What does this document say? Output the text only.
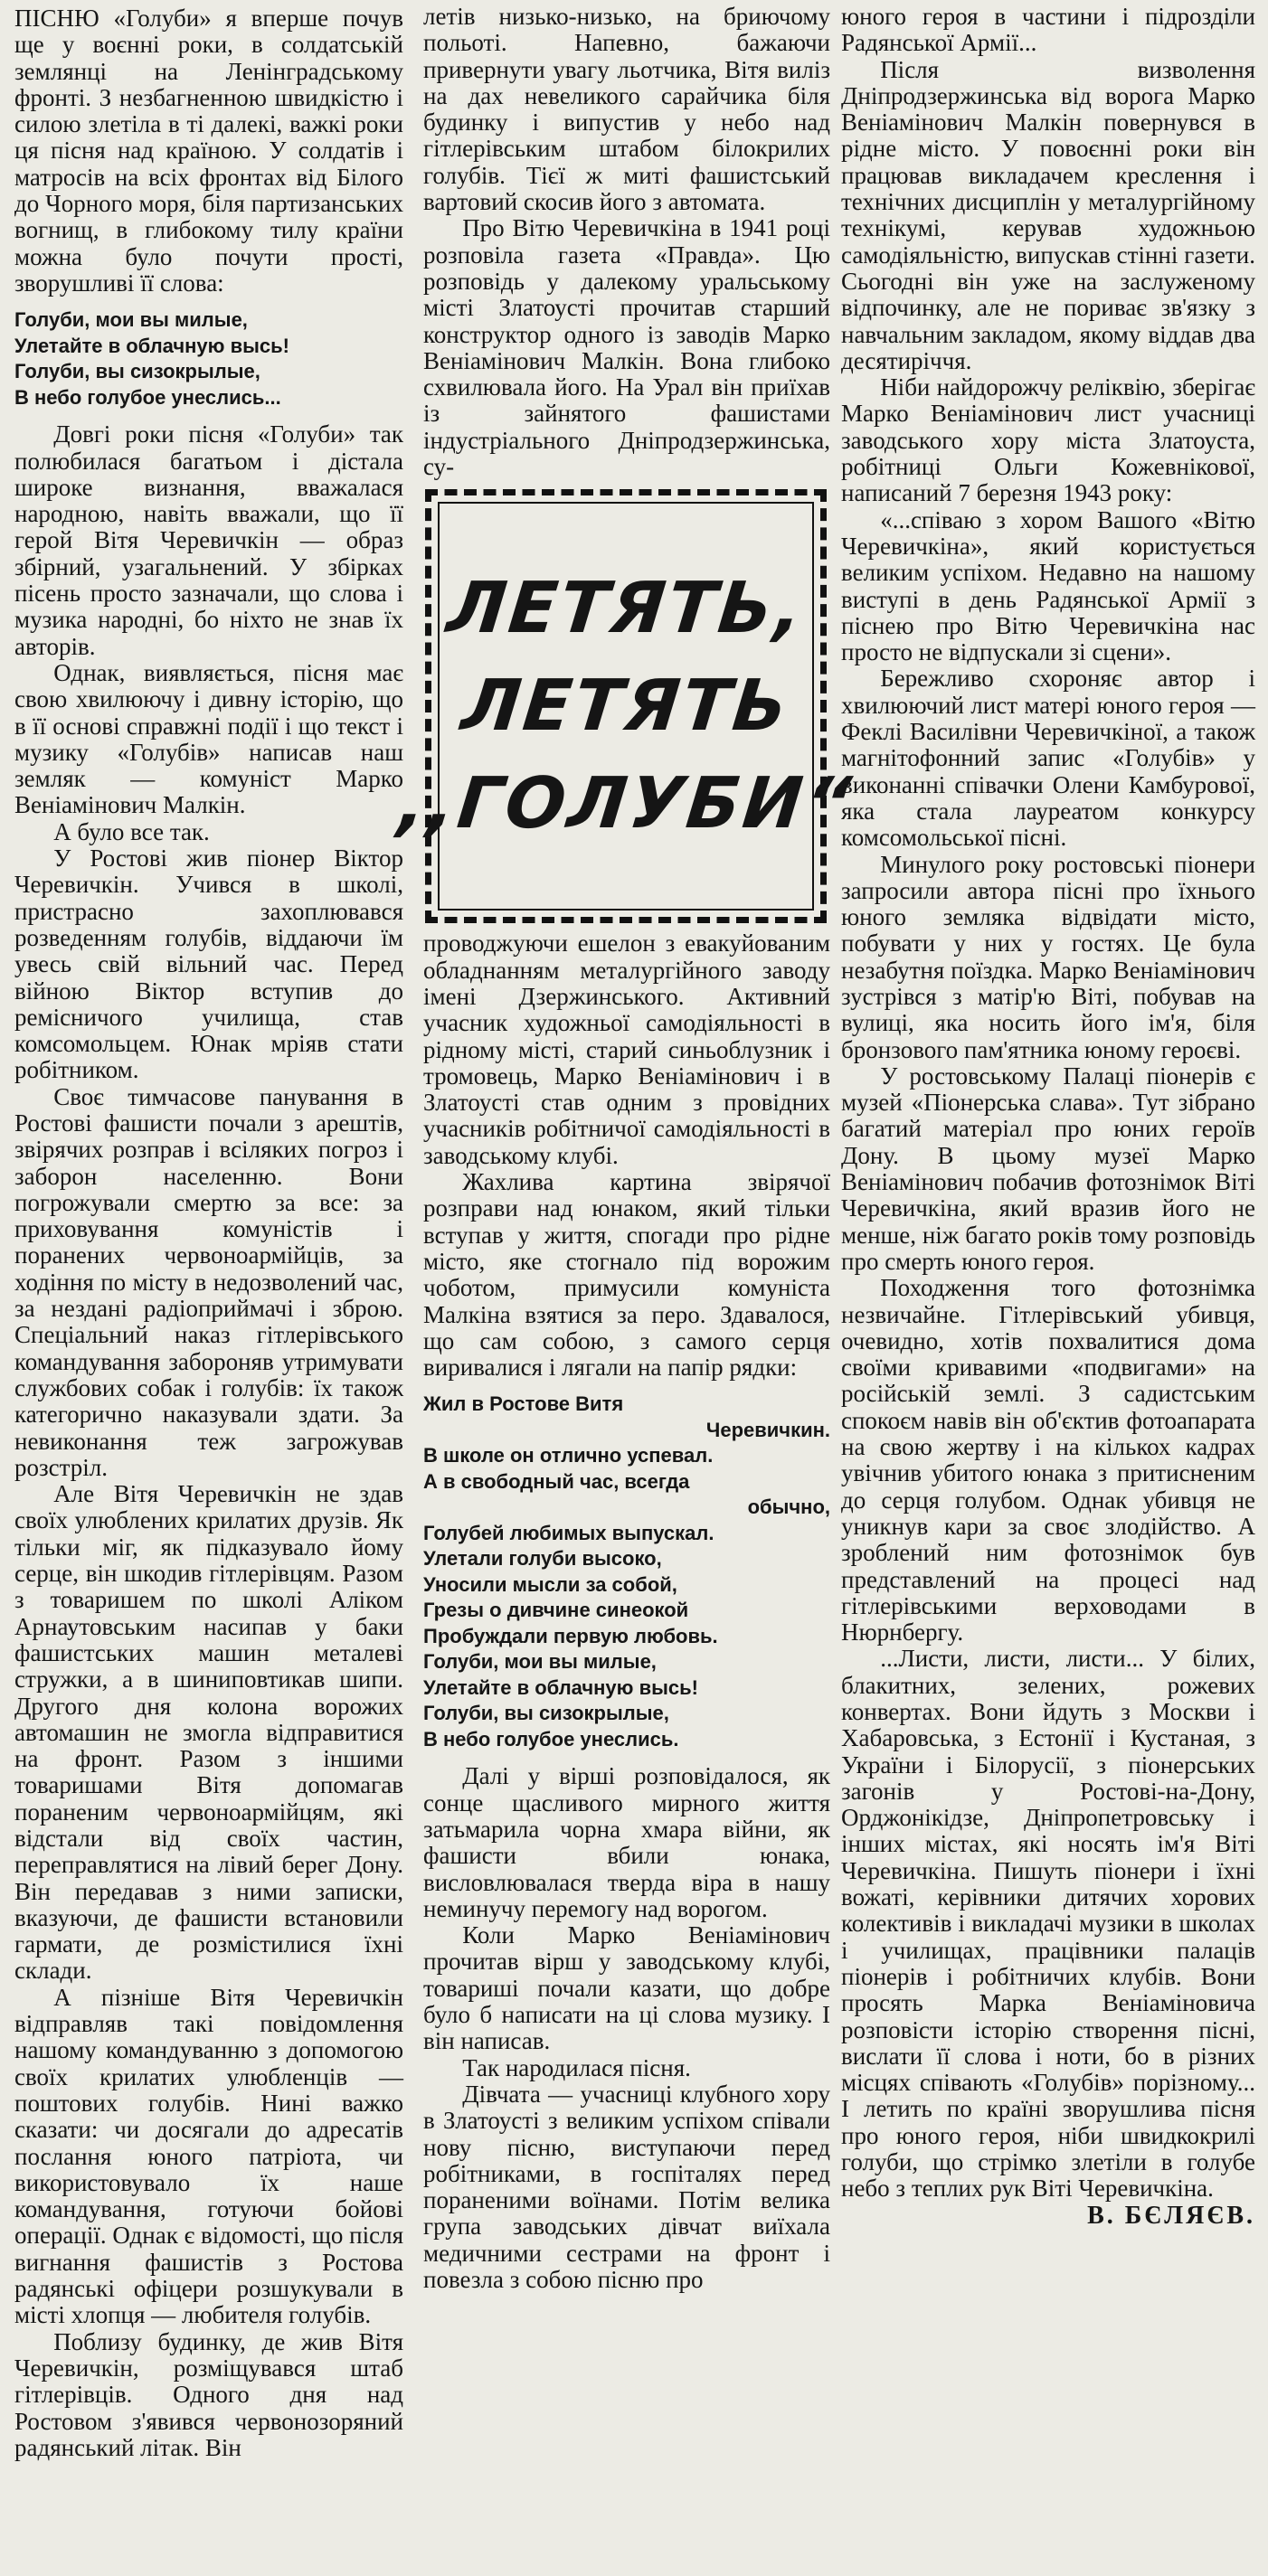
ПІСНЮ «Голуби» я вперше почув ще у воєнні роки, в солдатській землянці на Ленінградському фронті. З незбагненною швидкістю і силою злетіла в ті далекі, важкі роки ця пісня над країною. У солдатів і матросів на всіх фронтах від Білого до Чорного моря, біля партизанських вогнищ, в глибокому тилу країни можна було почути прості, зворушливі її слова:

Голуби, мои вы милые,
Улетайте в облачную высь!
Голуби, вы сизокрылые,
В небо голубое унеслись...

Довгі роки пісня «Голуби» так полюбилася багатьом і дістала широке визнання, вважалася народною, навіть вважали, що її герой Вітя Черевичкін — образ збірний, узагальнений. У збірках пісень просто зазначали, що слова і музика народні, бо ніхто не знав їх авторів.

Однак, виявляється, пісня має свою хвилюючу і дивну історію, що в її основі справжні події і що текст і музику «Голубів» написав наш земляк — комуніст Марко Веніамінович Малкін.

А було все так.

У Ростові жив піонер Віктор Черевичкін. Учився в школі, пристрасно захоплювався розведенням голубів, віддаючи їм увесь свій вільний час. Перед війною Віктор вступив до ремісничого училища, став комсомольцем. Юнак мріяв стати робітником.

Своє тимчасове панування в Ростові фашисти почали з арештів, звірячих розправ і всіляких погроз і заборон населенню. Вони погрожували смертю за все: за приховування комуністів і поранених червоноармійців, за ходіння по місту в недозволений час, за нездані радіоприймачі і зброю. Спеціальний наказ гітлерівського командування забороняв утримувати службових собак і голубів: їх також категорично наказували здати. За невиконання теж загрожував розстріл.

Але Вітя Черевичкін не здав своїх улюблених крилатих друзів. Як тільки міг, як підказувало йому серце, він шкодив гітлерівцям. Разом з товаришем по школі Аліком Арнаутовським насипав у баки фашистських машин металеві стружки, а в шиниповтикав шипи. Другого дня колона ворожих автомашин не змогла відправитися на фронт. Разом з іншими товаришами Вітя допомагав пораненим червоноармійцям, які відстали від своїх частин, переправлятися на лівий берег Дону. Він передавав з ними записки, вказуючи, де фашисти встановили гармати, де розмістилися їхні склади.

А пізніше Вітя Черевичкін відправляв такі повідомлення нашому командуванню з допомогою своїх крилатих улюбленців — поштових голубів. Нині важко сказати: чи досягали до адресатів послання юного патріота, чи використовувало їх наше командування, готуючи бойові операції. Однак є відомості, що після вигнання фашистів з Ростова радянські офіцери розшукували в місті хлопця — любителя голубів.

Поблизу будинку, де жив Вітя Черевичкін, розміщувався штаб гітлерівців. Одного дня над Ростовом з'явився червонозоряний радянський літак. Він

летів низько-низько, на бриючому польоті. Напевно, бажаючи привернути увагу льотчика, Вітя виліз на дах невеликого сарайчика біля будинку і випустив у небо над гітлерівським штабом білокрилих голубів. Тієї ж миті фашистський вартовий скосив його з автомата.

Про Вітю Черевичкіна в 1941 році розповіла газета «Правда». Цю розповідь у далекому уральському місті Златоусті прочитав старший конструктор одного із заводів Марко Веніамінович Малкін. Вона глибоко схвилювала його. На Урал він приїхав із зайнятого фашистами індустріального Дніпродзержинська, су-

ЛЕТЯТЬ,
ЛЕТЯТЬ
,,ГОЛУБИ“

проводжуючи ешелон з евакуйованим обладнанням металургійного заводу імені Дзержинського. Активний учасник художньої самодіяльності в рідному місті, старий синьоблузник і тромовець, Марко Веніамінович і в Златоусті став одним з провідних учасників робітничої самодіяльності в заводському клубі.

Жахлива картина звірячої розправи над юнаком, який тільки вступав у життя, спогади про рідне місто, яке стогнало під ворожим чоботом, примусили комуніста Малкіна взятися за перо. Здавалося, що сам собою, з самого серця виривалися і лягали на папір рядки:

Жил в Ростове Витя
Черевичкин.
В школе он отлично успевал.
А в свободный час, всегда
обычно,
Голубей любимых выпускал.
Улетали голуби высоко,
Уносили мысли за собой,
Грезы о дивчине синеокой
Пробуждали первую любовь.
Голуби, мои вы милые,
Улетайте в облачную высь!
Голуби, вы сизокрылые,
В небо голубое унеслись.

Далі у вірші розповідалося, як сонце щасливого мирного життя затьмарила чорна хмара війни, як фашисти вбили юнака, висловлювалася тверда віра в нашу неминучу перемогу над ворогом.

Коли Марко Веніамінович прочитав вірш у заводському клубі, товариші почали казати, що добре було б написати на ці слова музику. І він написав.

Так народилася пісня.

Дівчата — учасниці клубного хору в Златоусті з великим успіхом співали нову пісню, виступаючи перед робітниками, в госпіталях перед пораненими воїнами. Потім велика група заводських дівчат виїхала медичними сестрами на фронт і повезла з собою пісню про

юного героя в частини і підрозділи Радянської Армії...

Після визволення Дніпродзержинська від ворога Марко Веніамінович Малкін повернувся в рідне місто. У повоєнні роки він працював викладачем креслення і технічних дисциплін у металургійному технікумі, керував художньою самодіяльністю, випускав стінні газети. Сьогодні він уже на заслуженому відпочинку, але не пориває зв'язку з навчальним закладом, якому віддав два десятиріччя.

Ніби найдорожчу реліквію, зберігає Марко Веніамінович лист учасниці заводського хору міста Златоуста, робітниці Ольги Кожевнікової, написаний 7 березня 1943 року:

«...співаю з хором Вашого «Вітю Черевичкіна», який користується великим успіхом. Недавно на нашому виступі в день Радянської Армії з піснею про Вітю Черевичкіна нас просто не відпускали зі сцени».

Бережливо схороняє автор і хвилюючий лист матері юного героя — Феклі Василівни Черевичкіної, а також магнітофонний запис «Голубів» у виконанні співачки Олени Камбурової, яка стала лауреатом конкурсу комсомольської пісні.

Минулого року ростовські піонери запросили автора пісні про їхнього юного земляка відвідати місто, побувати у них у гостях. Це була незабутня поїздка. Марко Веніамінович зустрівся з матір'ю Віті, побував на вулиці, яка носить його ім'я, біля бронзового пам'ятника юному героєві.

У ростовському Палаці піонерів є музей «Піонерська слава». Тут зібрано багатий матеріал про юних героїв Дону. В цьому музеї Марко Веніамінович побачив фотознімок Віті Черевичкіна, який вразив його не менше, ніж багато років тому розповідь про смерть юного героя.

Походження того фотознімка незвичайне. Гітлерівський убивця, очевидно, хотів похвалитися дома своїми кривавими «подвигами» на російській землі. З садистським спокоєм навів він об'єктив фотоапарата на свою жертву і на кількох кадрах увічнив убитого юнака з притисненим до серця голубом. Однак убивця не уникнув кари за своє злодійство. А зроблений ним фотознімок був представлений на процесі над гітлерівськими верховодами в Нюрнбергу.

...Листи, листи, листи... У білих, блакитних, зелених, рожевих конвертах. Вони йдуть з Москви і Хабаровська, з Естонії і Кустаная, з України і Білорусії, з піонерських загонів у Ростові-на-Дону, Орджонікідзе, Дніпропетровську і інших містах, які носять ім'я Віті Черевичкіна. Пишуть піонери і їхні вожаті, керівники дитячих хорових колективів і викладачі музики в школах і училищах, працівники палаців піонерів і робітничих клубів. Вони просять Марка Веніаміновича розповісти історію створення пісні, вислати її слова і ноти, бо в різних місцях співають «Голубів» порізному... І летить по країні зворушлива пісня про юного героя, ніби швидкокрилі голуби, що стрімко злетіли в голубе небо з теплих рук Віті Черевичкіна.

В. БЄЛЯЄВ.
